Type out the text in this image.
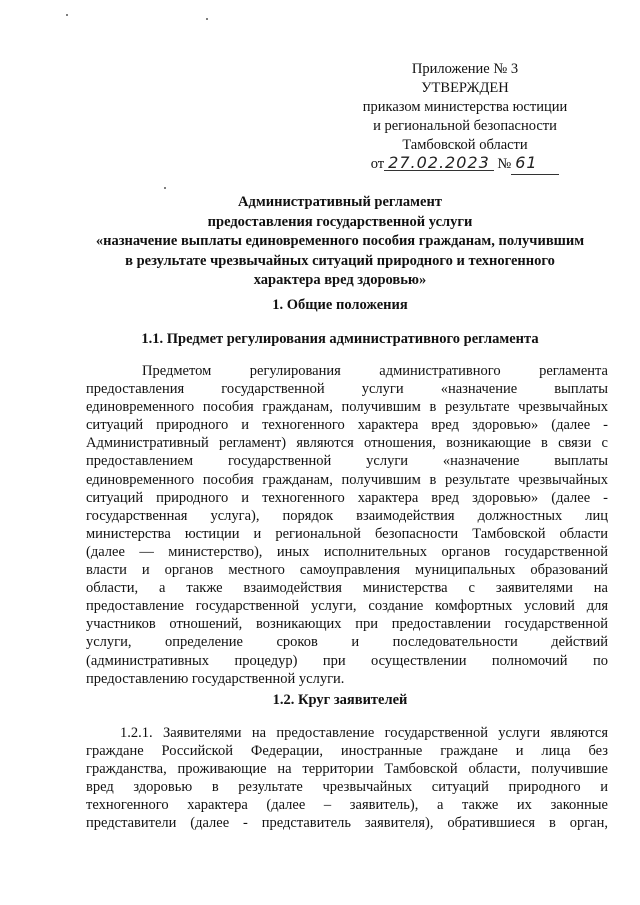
Приложение № 3
УТВЕРЖДЕН
приказом министерства юстиции
и региональной безопасности
Тамбовской области
от 27.02.2023 № 61
Административный регламент
предоставления государственной услуги
«назначение выплаты единовременного пособия гражданам, получившим
в результате чрезвычайных ситуаций природного и техногенного
характера вред здоровью»
1. Общие положения
1.1. Предмет регулирования административного регламента
Предметом регулирования административного регламента
предоставления государственной услуги «назначение выплаты
единовременного пособия гражданам, получившим в результате чрезвычайных
ситуаций природного и техногенного характера вред здоровью» (далее -
Административный регламент) являются отношения, возникающие в связи с
предоставлением государственной услуги «назначение выплаты
единовременного пособия гражданам, получившим в результате чрезвычайных
ситуаций природного и техногенного характера вред здоровью» (далее -
государственная услуга), порядок взаимодействия должностных лиц
министерства юстиции и региональной безопасности Тамбовской области
(далее — министерство), иных исполнительных органов государственной
власти и органов местного самоуправления муниципальных образований
области, а также взаимодействия министерства с заявителями на
предоставление государственной услуги, создание комфортных условий для
участников отношений, возникающих при предоставлении государственной
услуги, определение сроков и последовательности действий
(административных процедур) при осуществлении полномочий по
предоставлению государственной услуги.
1.2. Круг заявителей
1.2.1. Заявителями на предоставление государственной услуги являются
граждане Российской Федерации, иностранные граждане и лица без
гражданства, проживающие на территории Тамбовской области, получившие
вред здоровью в результате чрезвычайных ситуаций природного и
техногенного характера (далее – заявитель), а также их законные
представители (далее - представитель заявителя), обратившиеся в орган,
